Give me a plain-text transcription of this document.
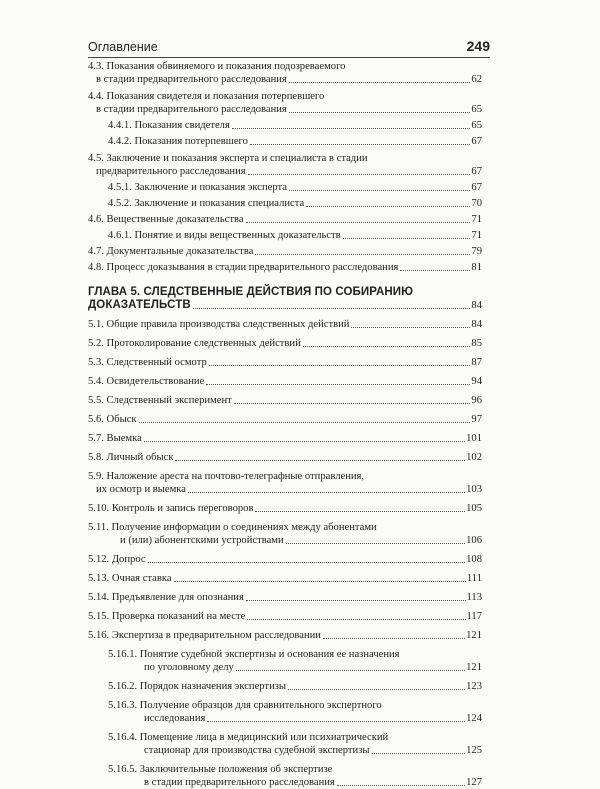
Оглавление	249
4.3. Показания обвиняемого и показания подозреваемого
в стадии предварительного расследования	62
4.4. Показания свидетеля и показания потерпевшего
в стадии предварительного расследования	65
4.4.1. Показания свидетеля	65
4.4.2. Показания потерпевшего	67
4.5. Заключение и показания эксперта и специалиста в стадии
предварительного расследования	67
4.5.1. Заключение и показания эксперта	67
4.5.2. Заключение и показания специалиста	70
4.6. Вещественные доказательства	71
4.6.1. Понятие и виды вещественных доказательств	71
4.7. Документальные доказательства	79
4.8. Процесс доказывания в стадии предварительного расследования	81
ГЛАВА 5. СЛЕДСТВЕННЫЕ ДЕЙСТВИЯ ПО СОБИРАНИЮ
ДОКАЗАТЕЛЬСТВ	84
5.1. Общие правила производства следственных действий	84
5.2. Протоколирование следственных действий	85
5.3. Следственный осмотр	87
5.4. Освидетельствование	94
5.5. Следственный эксперимент	96
5.6. Обыск	97
5.7. Выемка	101
5.8. Личный обыск	102
5.9. Наложение ареста на почтово-телеграфные отправления,
их осмотр и выемка	103
5.10. Контроль и запись переговоров	105
5.11. Получение информации о соединениях между абонентами
и (или) абонентскими устройствами	106
5.12. Допрос	108
5.13. Очная ставка	111
5.14. Предъявление для опознания	113
5.15. Проверка показаний на месте	117
5.16. Экспертиза в предварительном расследовании	121
5.16.1. Понятие судебной экспертизы и основания ее назначения
по уголовному делу	121
5.16.2. Порядок назначения экспертизы	123
5.16.3. Получение образцов для сравнительного экспертного
исследования	124
5.16.4. Помещение лица в медицинский или психиатрический
стационар для производства судебной экспертизы	125
5.16.5. Заключительные положения об экспертизе
в стадии предварительного расследования	127
